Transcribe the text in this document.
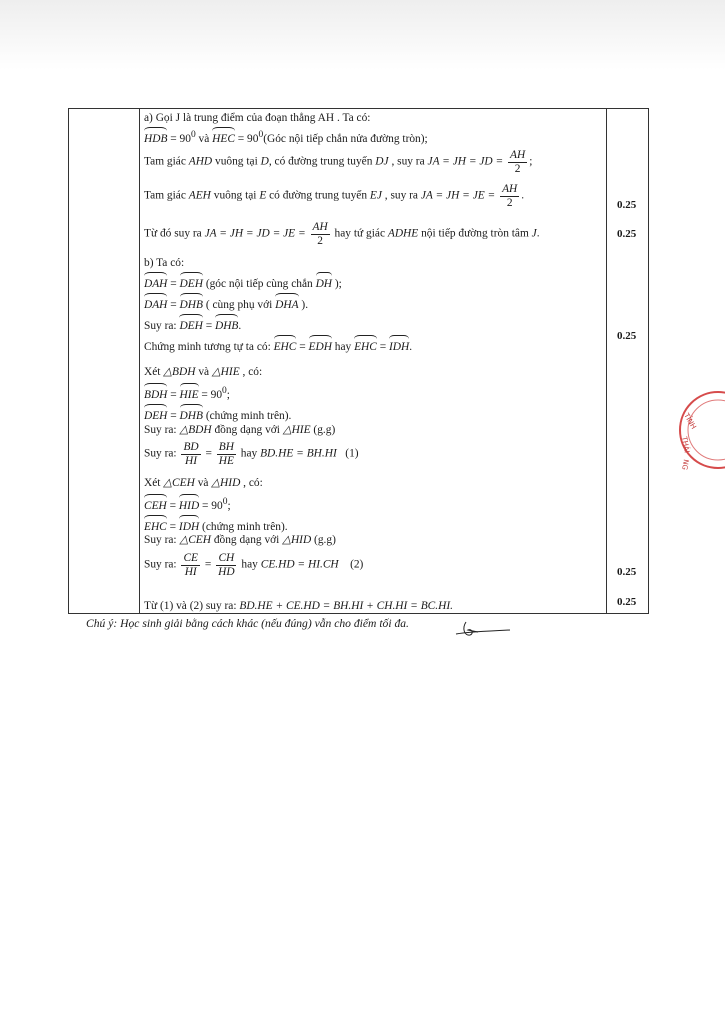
a) Gọi J là trung điểm của đoạn thẳng AH . Ta có:
HDB = $90^0$ và HEC = $90^0(Góc$ nội tiếp chắn nửa đường tròn);
Tam giác AHD vuông tại D, có đường trung tuyến DJ , suy ra JA = JH = JD = $\frac{AH}{2}$ ;
Tam giác AEH vuông tại E có đường trung tuyến EJ , suy ra JA = JH = JE = $\frac{AH}{2}$ .
Từ đó suy ra JA = JH = JD = JE = $\frac{AH}{2}$ hay tứ giác ADHE nội tiếp đường tròn tâm J.
b) Ta có:
DAH = DEH (góc nội tiếp cùng chắn DH );
DAH = DHB ( cùng phụ với DHA ).
Suy ra: DEH = DHB.
Chứng minh tương tự ta có: EHC = EDH hay EHC = IDH.
Xét △BDH và △HIE , có:
BDH = HIE = $90^0$;
DEH = DHB (chứng minh trên).
Suy ra: △BDH đồng dạng với △HIE (g.g)
Suy ra: $\frac{BD}{HI} = \frac{BH}{HE}$ hay BD.HE = BH.HI (1)
Xét △CEH và △HID , có:
CEH = HID = $90^0$;
EHC = IDH (chứng minh trên).
Suy ra: △CEH đồng dạng với △HID (g.g)
Suy ra: $\frac{CE}{HI} = \frac{CH}{HD}$ hay CE.HD = HI.CH (2)
Từ (1) và (2) suy ra: BD.HE + CE.HD = BH.HI + CH.HI = BC.HI.
0.25
0.25
0.25
0.25
0.25
Chú ý: Học sinh giải bằng cách khác (nếu đúng) vẫn cho điểm tối đa.
TỈNH
THÁI
NG
